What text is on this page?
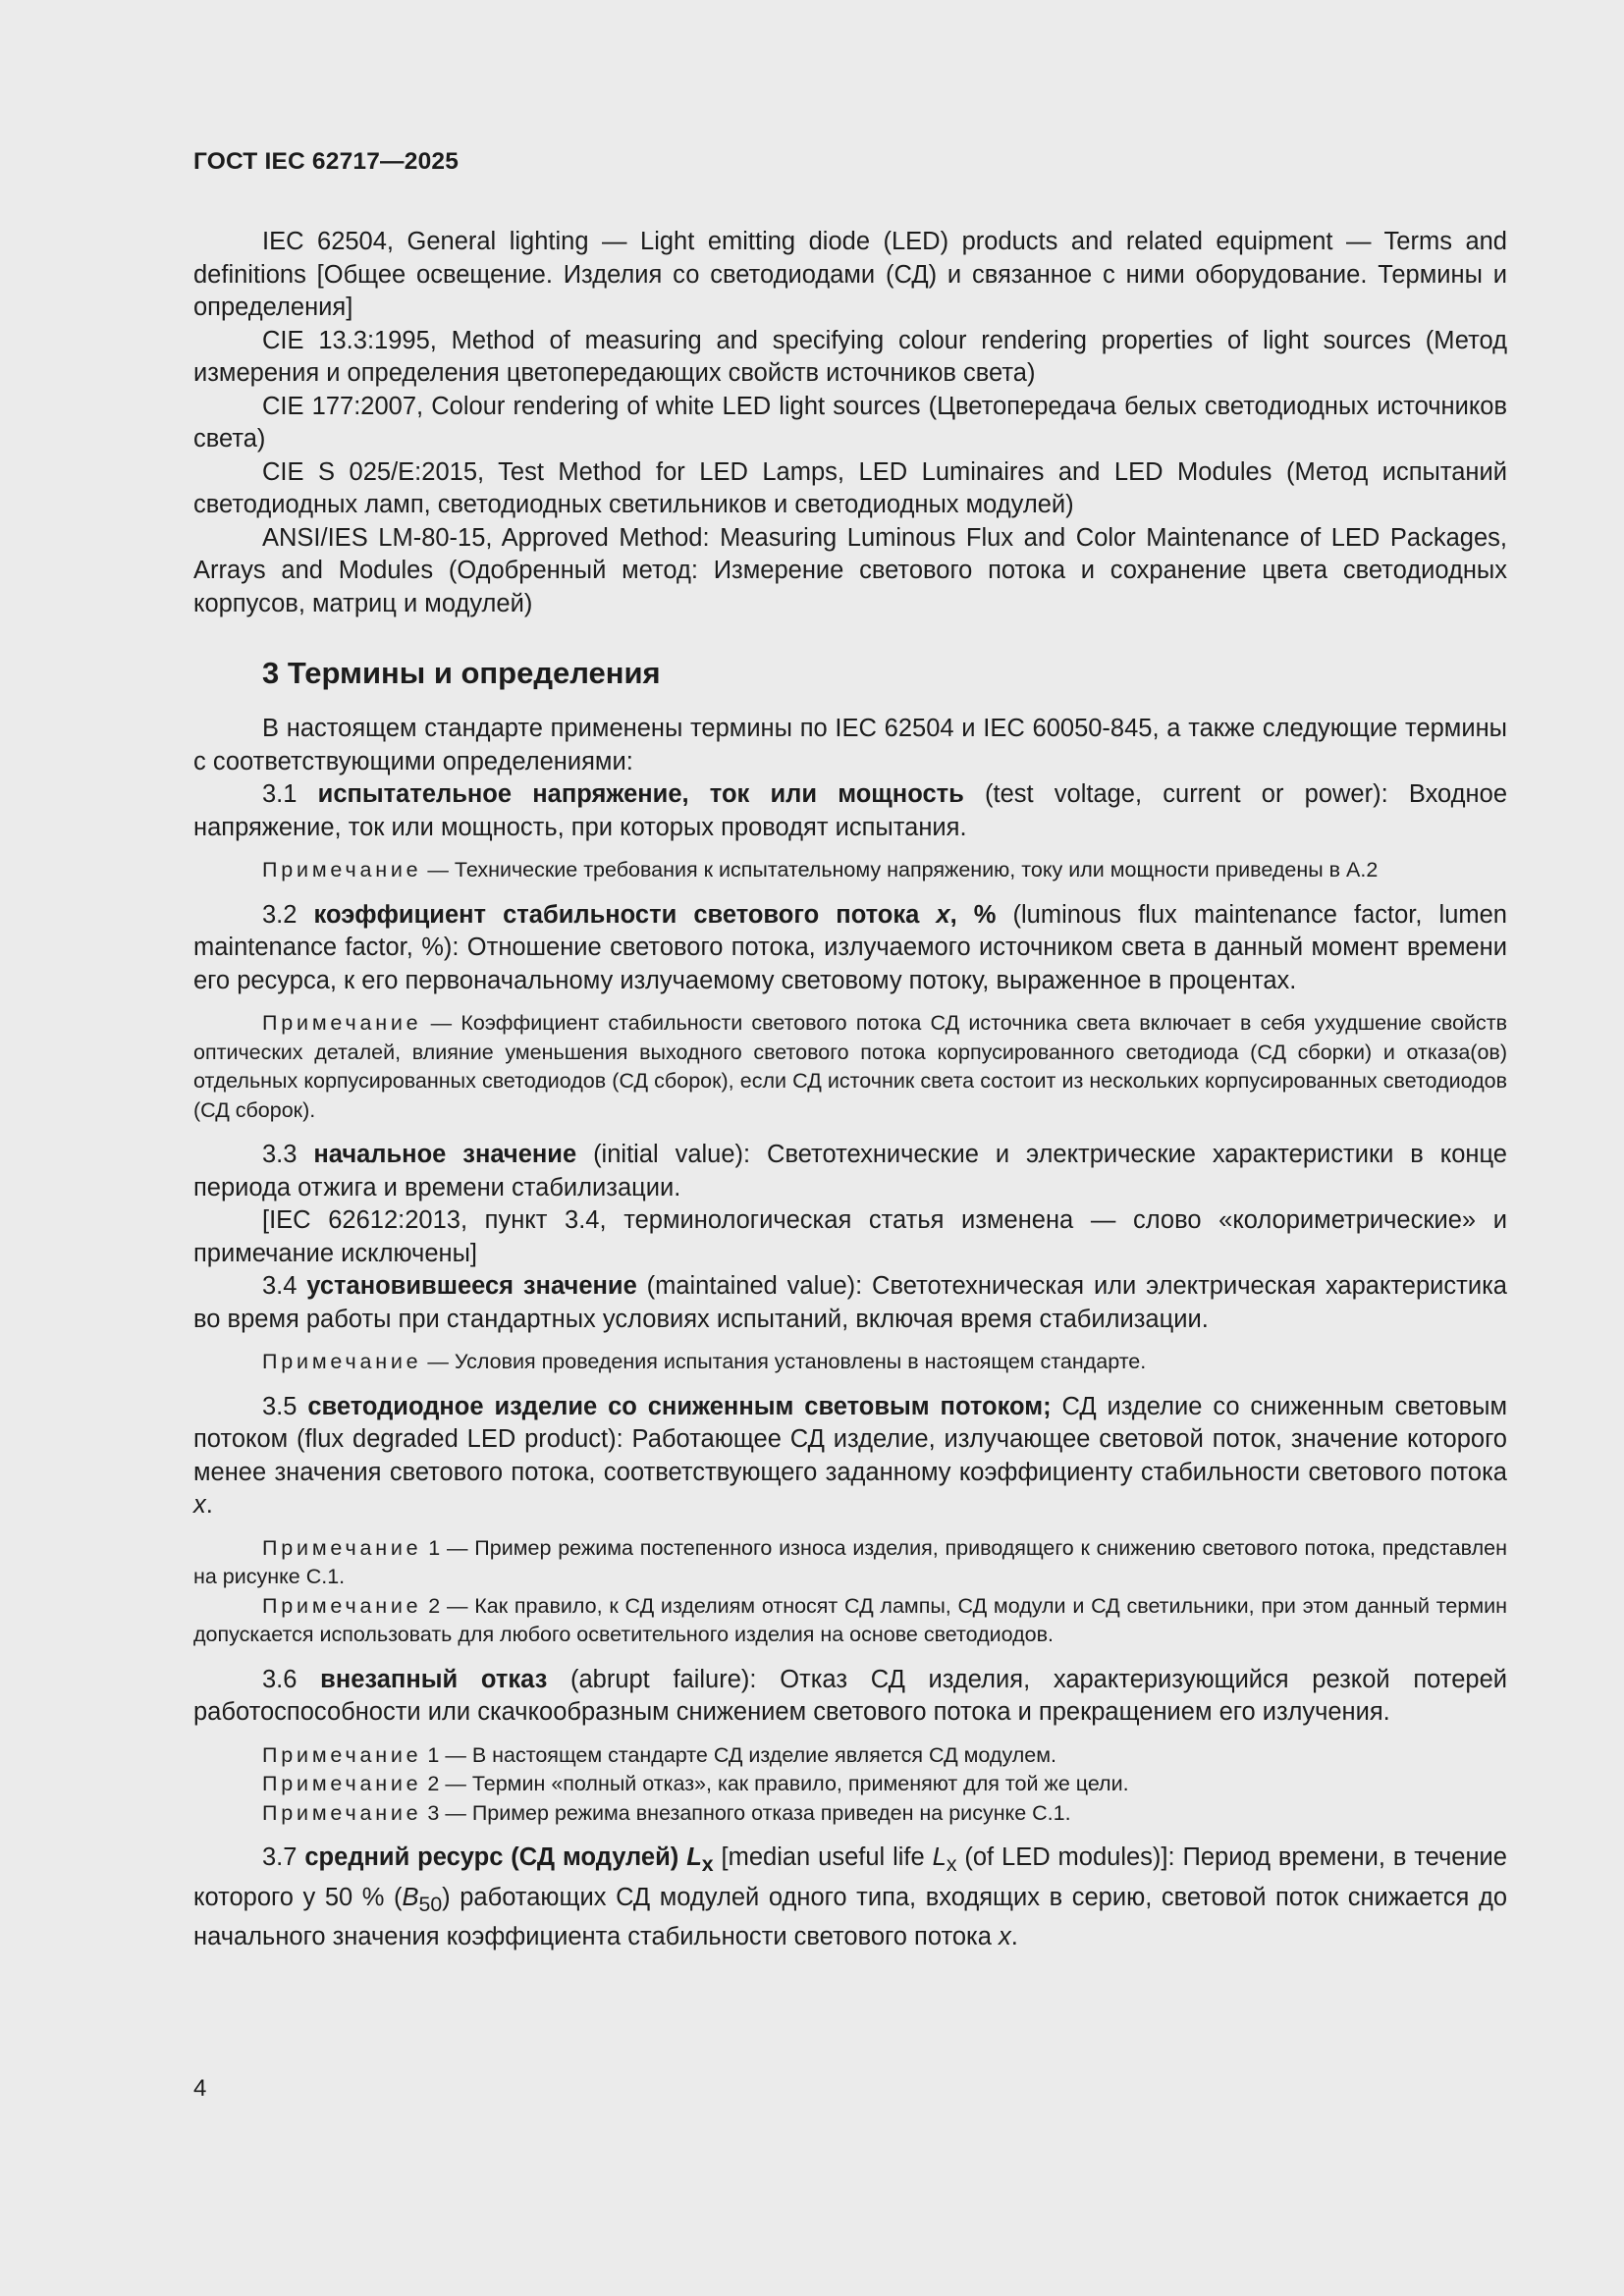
ГОСТ IEC 62717—2025

IEC 62504, General lighting — Light emitting diode (LED) products and related equipment — Terms and definitions [Общее освещение. Изделия со светодиодами (СД) и связанное с ними оборудование. Термины и определения]

CIE 13.3:1995, Method of measuring and specifying colour rendering properties of light sources (Метод измерения и определения цветопередающих свойств источников света)

CIE 177:2007, Colour rendering of white LED light sources (Цветопередача белых светодиодных источников света)

CIE S 025/E:2015, Test Method for LED Lamps, LED Luminaires and LED Modules (Метод испытаний светодиодных ламп, светодиодных светильников и светодиодных модулей)

ANSI/IES LM-80-15, Approved Method: Measuring Luminous Flux and Color Maintenance of LED Packages, Arrays and Modules (Одобренный метод: Измерение светового потока и сохранение цвета светодиодных корпусов, матриц и модулей)

3 Термины и определения

В настоящем стандарте применены термины по IEC 62504 и IEC 60050-845, а также следующие термины с соответствующими определениями:

3.1 испытательное напряжение, ток или мощность (test voltage, current or power): Входное напряжение, ток или мощность, при которых проводят испытания.

Примечание — Технические требования к испытательному напряжению, току или мощности приведены в А.2

3.2 коэффициент стабильности светового потока x, % (luminous flux maintenance factor, lumen maintenance factor, %): Отношение светового потока, излучаемого источником света в данный момент времени его ресурса, к его первоначальному излучаемому световому потоку, выраженное в процентах.

Примечание — Коэффициент стабильности светового потока СД источника света включает в себя ухудшение свойств оптических деталей, влияние уменьшения выходного светового потока корпусированного светодиода (СД сборки) и отказа(ов) отдельных корпусированных светодиодов (СД сборок), если СД источник света состоит из нескольких корпусированных светодиодов (СД сборок).

3.3 начальное значение (initial value): Светотехнические и электрические характеристики в конце периода отжига и времени стабилизации.

[IEC 62612:2013, пункт 3.4, терминологическая статья изменена — слово «колориметрические» и примечание исключены]

3.4 установившееся значение (maintained value): Светотехническая или электрическая характеристика во время работы при стандартных условиях испытаний, включая время стабилизации.

Примечание — Условия проведения испытания установлены в настоящем стандарте.

3.5 светодиодное изделие со сниженным световым потоком; СД изделие со сниженным световым потоком (flux degraded LED product): Работающее СД изделие, излучающее световой поток, значение которого менее значения светового потока, соответствующего заданному коэффициенту стабильности светового потока x.

Примечание 1 — Пример режима постепенного износа изделия, приводящего к снижению светового потока, представлен на рисунке С.1.

Примечание 2 — Как правило, к СД изделиям относят СД лампы, СД модули и СД светильники, при этом данный термин допускается использовать для любого осветительного изделия на основе светодиодов.

3.6 внезапный отказ (abrupt failure): Отказ СД изделия, характеризующийся резкой потерей работоспособности или скачкообразным снижением светового потока и прекращением его излучения.

Примечание 1 — В настоящем стандарте СД изделие является СД модулем.

Примечание 2 — Термин «полный отказ», как правило, применяют для той же цели.

Примечание 3 — Пример режима внезапного отказа приведен на рисунке С.1.

3.7 средний ресурс (СД модулей) $L_x$ [median useful life $L_x$ (of LED modules)]: Период времени, в течение которого у 50 % $(B_{50})$ работающих СД модулей одного типа, входящих в серию, световой поток снижается до начального значения коэффициента стабильности светового потока x.

4
